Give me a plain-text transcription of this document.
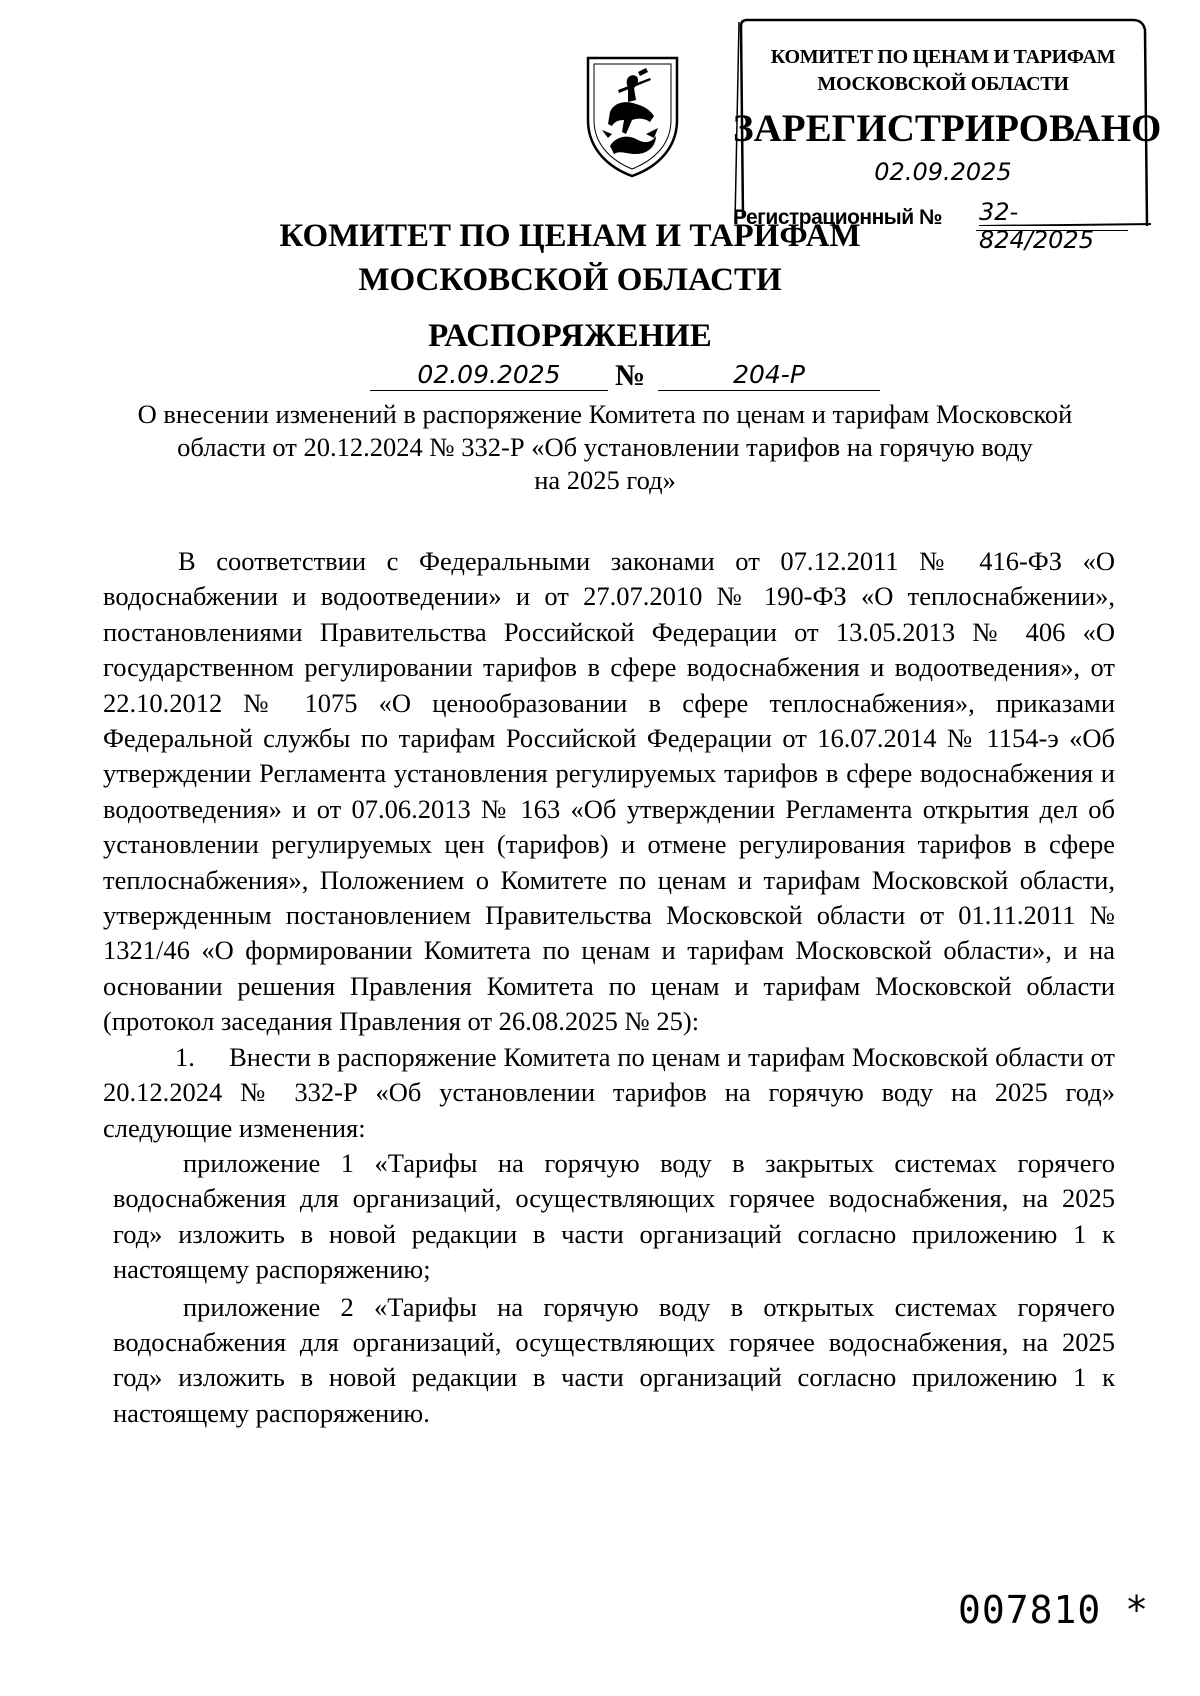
КОМИТЕТ ПО ЦЕНАМ И ТАРИФАМ
МОСКОВСКОЙ ОБЛАСТИ
ЗАРЕГИСТРИРОВАНО
02.09.2025
Регистрационный № 32-824/2025
КОМИТЕТ ПО ЦЕНАМ И ТАРИФАМ
МОСКОВСКОЙ ОБЛАСТИ
РАСПОРЯЖЕНИЕ
02.09.2025	№	204-Р
О внесении изменений в распоряжение Комитета по ценам и тарифам Московской
области от 20.12.2024 № 332-Р «Об установлении тарифов на горячую воду
на 2025 год»

В соответствии с Федеральными законами от 07.12.2011 № 416-ФЗ «О водоснабжении и водоотведении» и от 27.07.2010 № 190-ФЗ «О теплоснабжении», постановлениями Правительства Российской Федерации от 13.05.2013 № 406 «О государственном регулировании тарифов в сфере водоснабжения и водоотведения», от 22.10.2012 № 1075 «О ценообразовании в сфере теплоснабжения», приказами Федеральной службы по тарифам Российской Федерации от 16.07.2014 № 1154-э «Об утверждении Регламента установления регулируемых тарифов в сфере водоснабжения и водоотведения» и от 07.06.2013 № 163 «Об утверждении Регламента открытия дел об установлении регулируемых цен (тарифов) и отмене регулирования тарифов в сфере теплоснабжения», Положением о Комитете по ценам и тарифам Московской области, утвержденным постановлением Правительства Московской области от 01.11.2011 № 1321/46 «О формировании Комитета по ценам и тарифам Московской области», и на основании решения Правления Комитета по ценам и тарифам Московской области (протокол заседания Правления от 26.08.2025 № 25):

1. Внести в распоряжение Комитета по ценам и тарифам Московской области от 20.12.2024 № 332-Р «Об установлении тарифов на горячую воду на 2025 год» следующие изменения:

приложение 1 «Тарифы на горячую воду в закрытых системах горячего водоснабжения для организаций, осуществляющих горячее водоснабжения, на 2025 год» изложить в новой редакции в части организаций согласно приложению 1 к настоящему распоряжению;

приложение 2 «Тарифы на горячую воду в открытых системах горячего водоснабжения для организаций, осуществляющих горячее водоснабжения, на 2025 год» изложить в новой редакции в части организаций согласно приложению 1 к настоящему распоряжению.

007810 *
